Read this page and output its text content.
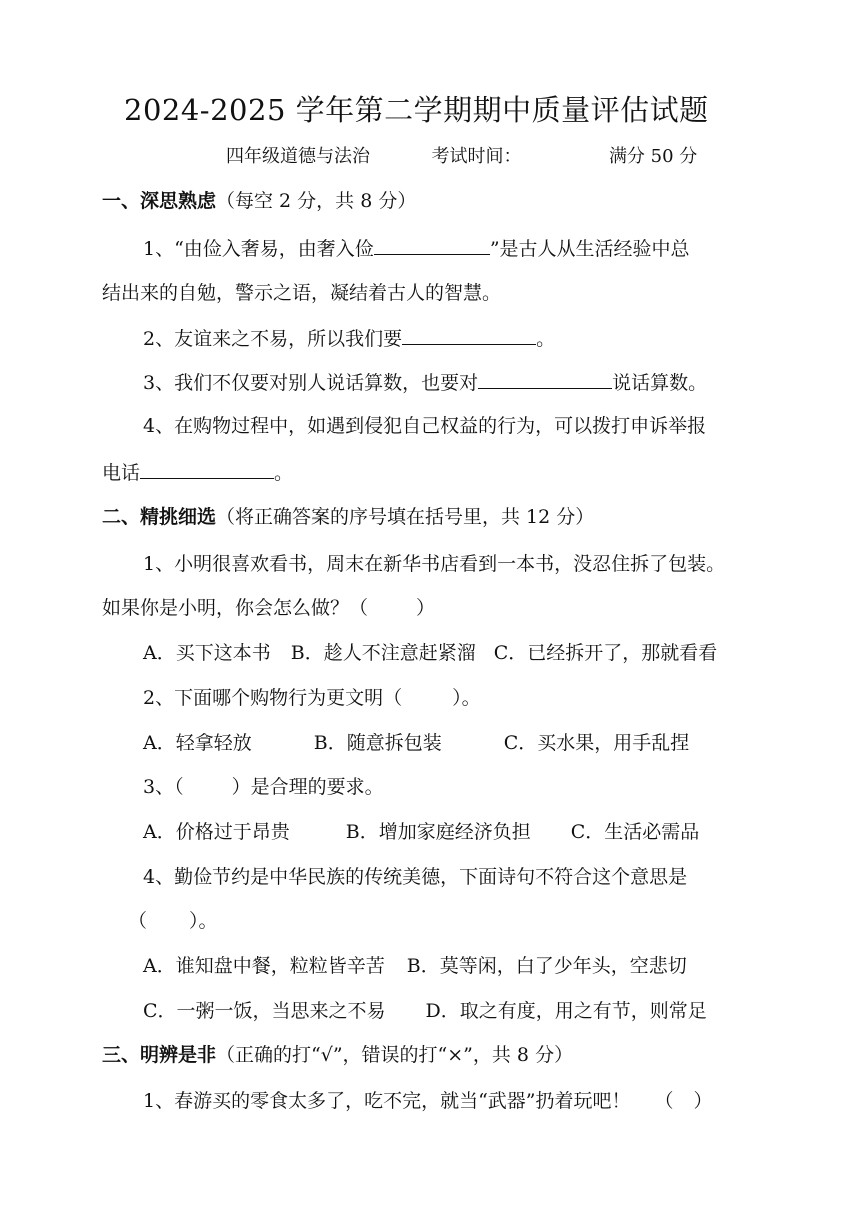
2024-2025 学年第二学期期中质量评估试题
四年级道德与法治	考试时间：	满分 50 分
一、深思熟虑（每空 2 分，共 8 分）
1、“由俭入奢易，由奢入俭	”是古人从生活经验中总
结出来的自勉，警示之语，凝结着古人的智慧。
2、友谊来之不易，所以我们要	。
3、我们不仅要对别人说话算数，也要对	说话算数。
4、在购物过程中，如遇到侵犯自己权益的行为，可以拨打申诉举报
电话	。
二、精挑细选（将正确答案的序号填在括号里，共 12 分）
1、小明很喜欢看书，周末在新华书店看到一本书，没忍住拆了包装。
如果你是小明，你会怎么做？（	）
A．买下这本书 B．趁人不注意赶紧溜 C．已经拆开了，那就看看
2、下面哪个购物行为更文明（	）。
A．轻拿轻放	B．随意拆包装	C．买水果，用手乱捏
3、（	）是合理的要求。
A．价格过于昂贵	B．增加家庭经济负担 C．生活必需品
4、勤俭节约是中华民族的传统美德，下面诗句不符合这个意思是
（ ）。
A．谁知盘中餐，粒粒皆辛苦 B．莫等闲，白了少年头，空悲切
C．一粥一饭，当思来之不易 D．取之有度，用之有节，则常足
三、明辨是非（正确的打“√”，错误的打“×”，共 8 分）
1、春游买的零食太多了，吃不完，就当“武器”扔着玩吧！ （ ）
